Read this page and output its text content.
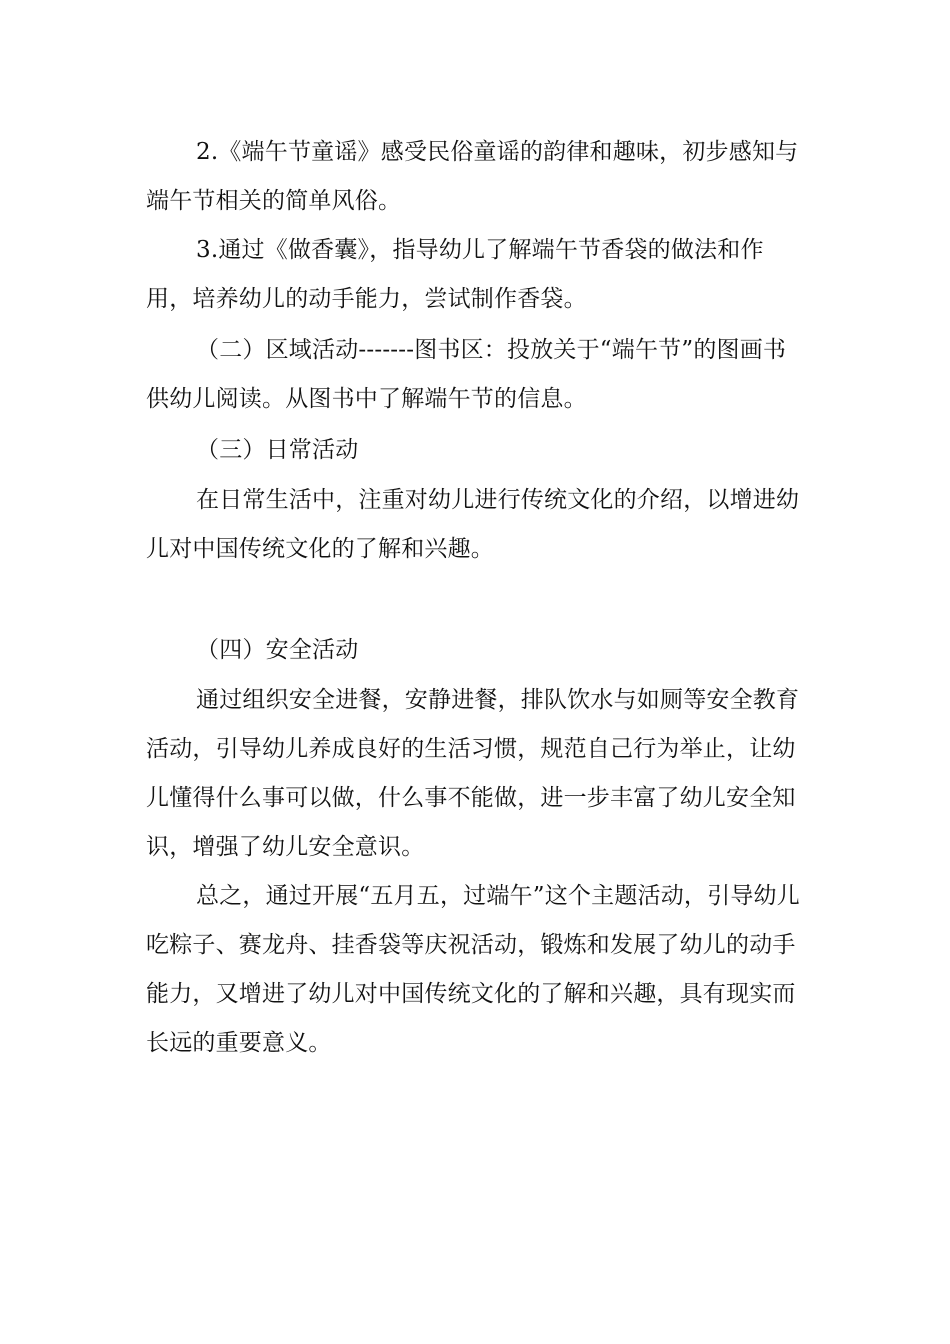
2.《端午节童谣》感受民俗童谣的韵律和趣味，初步感知与端午节相关的简单风俗。

3.通过《做香囊》，指导幼儿了解端午节香袋的做法和作用，培养幼儿的动手能力，尝试制作香袋。

（二）区域活动-------图书区：投放关于“端午节”的图画书供幼儿阅读。从图书中了解端午节的信息。

（三）日常活动

在日常生活中，注重对幼儿进行传统文化的介绍，以增进幼儿对中国传统文化的了解和兴趣。

（四）安全活动

通过组织安全进餐，安静进餐，排队饮水与如厕等安全教育活动，引导幼儿养成良好的生活习惯，规范自己行为举止，让幼儿懂得什么事可以做，什么事不能做，进一步丰富了幼儿安全知识，增强了幼儿安全意识。

总之，通过开展“五月五，过端午”这个主题活动，引导幼儿吃粽子、赛龙舟、挂香袋等庆祝活动，锻炼和发展了幼儿的动手能力，又增进了幼儿对中国传统文化的了解和兴趣，具有现实而长远的重要意义。
